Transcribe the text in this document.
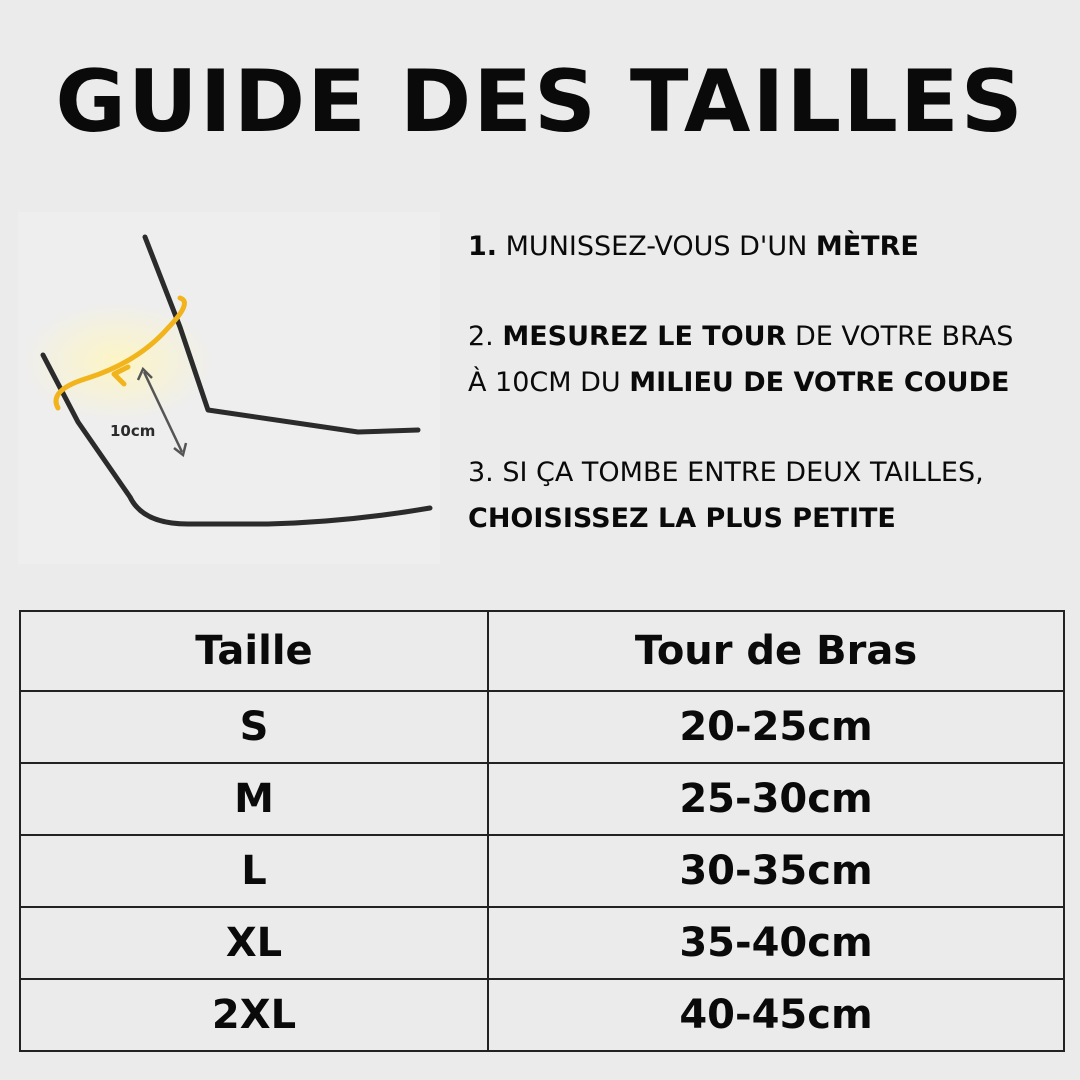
GUIDE DES TAILLES
10cm

1. MUNISSEZ-VOUS D'UN MÈTRE

2. MESUREZ LE TOUR DE VOTRE BRAS
À 10CM DU MILIEU DE VOTRE COUDE

3. SI ÇA TOMBE ENTRE DEUX TAILLES,
CHOISISSEZ LA PLUS PETITE

Taille	Tour de Bras
S	20-25cm
M	25-30cm
L	30-35cm
XL	35-40cm
2XL	40-45cm
